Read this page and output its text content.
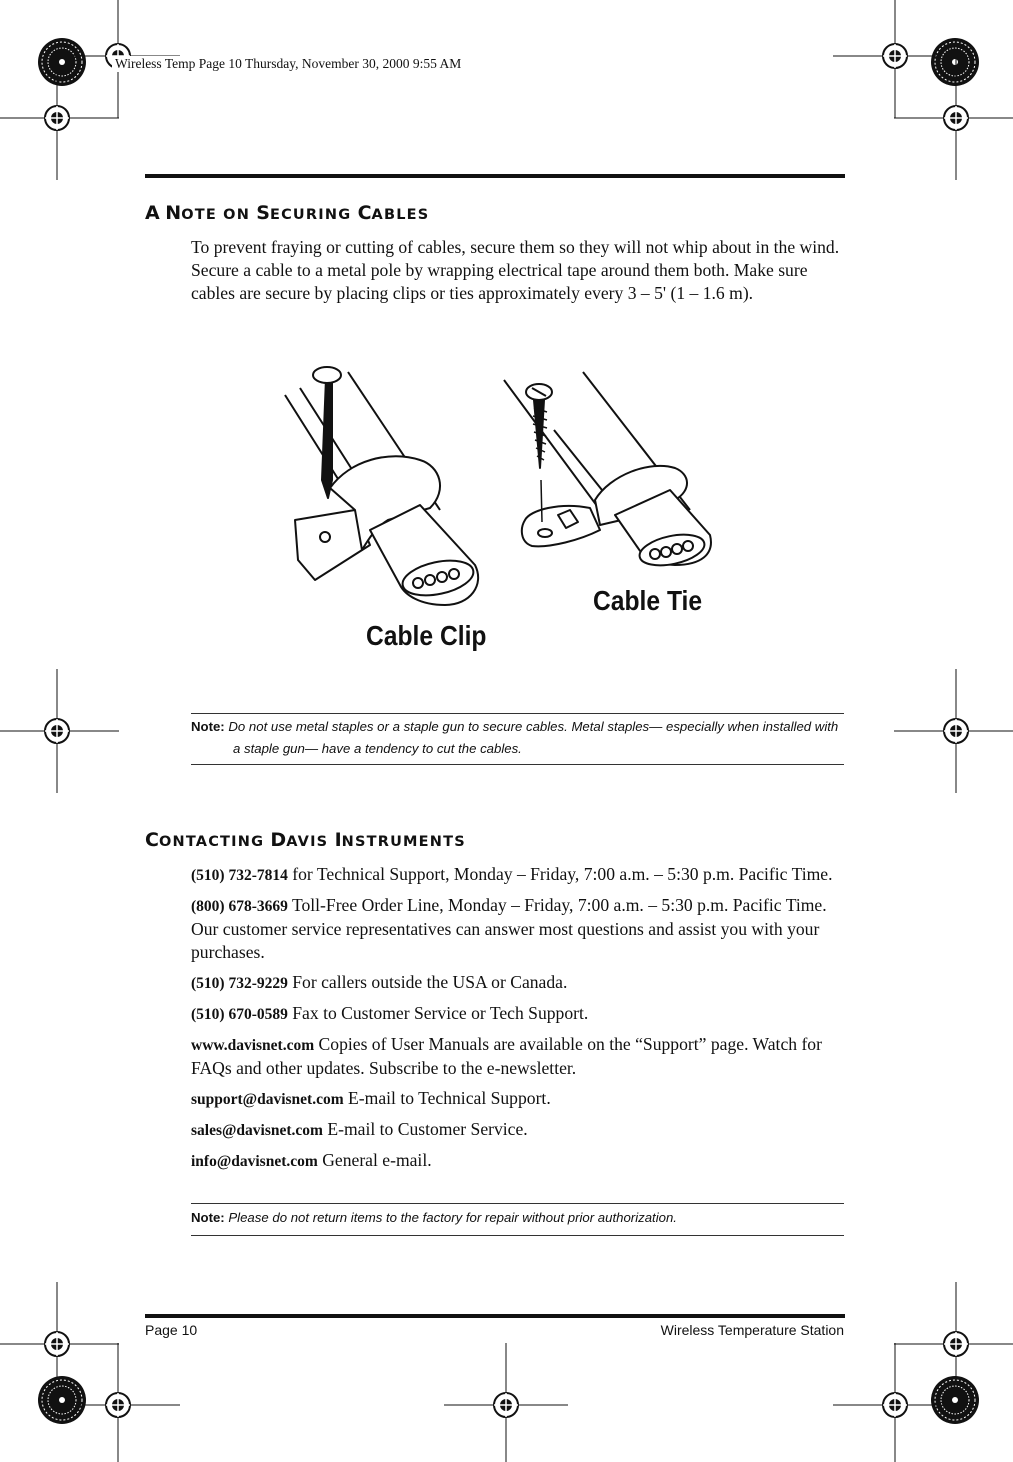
Wireless Temp Page 10 Thursday, November 30, 2000 9:55 AM
A NOTE ON SECURING CABLES
To prevent fraying or cutting of cables, secure them so they will not whip about in the wind. Secure a cable to a metal pole by wrapping electrical tape around them both. Make sure cables are secure by placing clips or ties approximately every 3 – 5' (1 – 1.6 m).
Cable Clip
Cable Tie
Note: Do not use metal staples or a staple gun to secure cables. Metal staples— especially when installed with a staple gun— have a tendency to cut the cables.
CONTACTING DAVIS INSTRUMENTS

(510) 732-7814 for Technical Support, Monday – Friday, 7:00 a.m. – 5:30 p.m. Pacific Time.

(800) 678-3669 Toll-Free Order Line, Monday – Friday, 7:00 a.m. – 5:30 p.m. Pacific Time. Our customer service representatives can answer most questions and assist you with your purchases.

(510) 732-9229 For callers outside the USA or Canada.

(510) 670-0589 Fax to Customer Service or Tech Support.

www.davisnet.com Copies of User Manuals are available on the “Support” page. Watch for FAQs and other updates. Subscribe to the e-newsletter.

support@davisnet.com E-mail to Technical Support.

sales@davisnet.com E-mail to Customer Service.

info@davisnet.com General e-mail.

Note: Please do not return items to the factory for repair without prior authorization.
Page 10	Wireless Temperature Station
